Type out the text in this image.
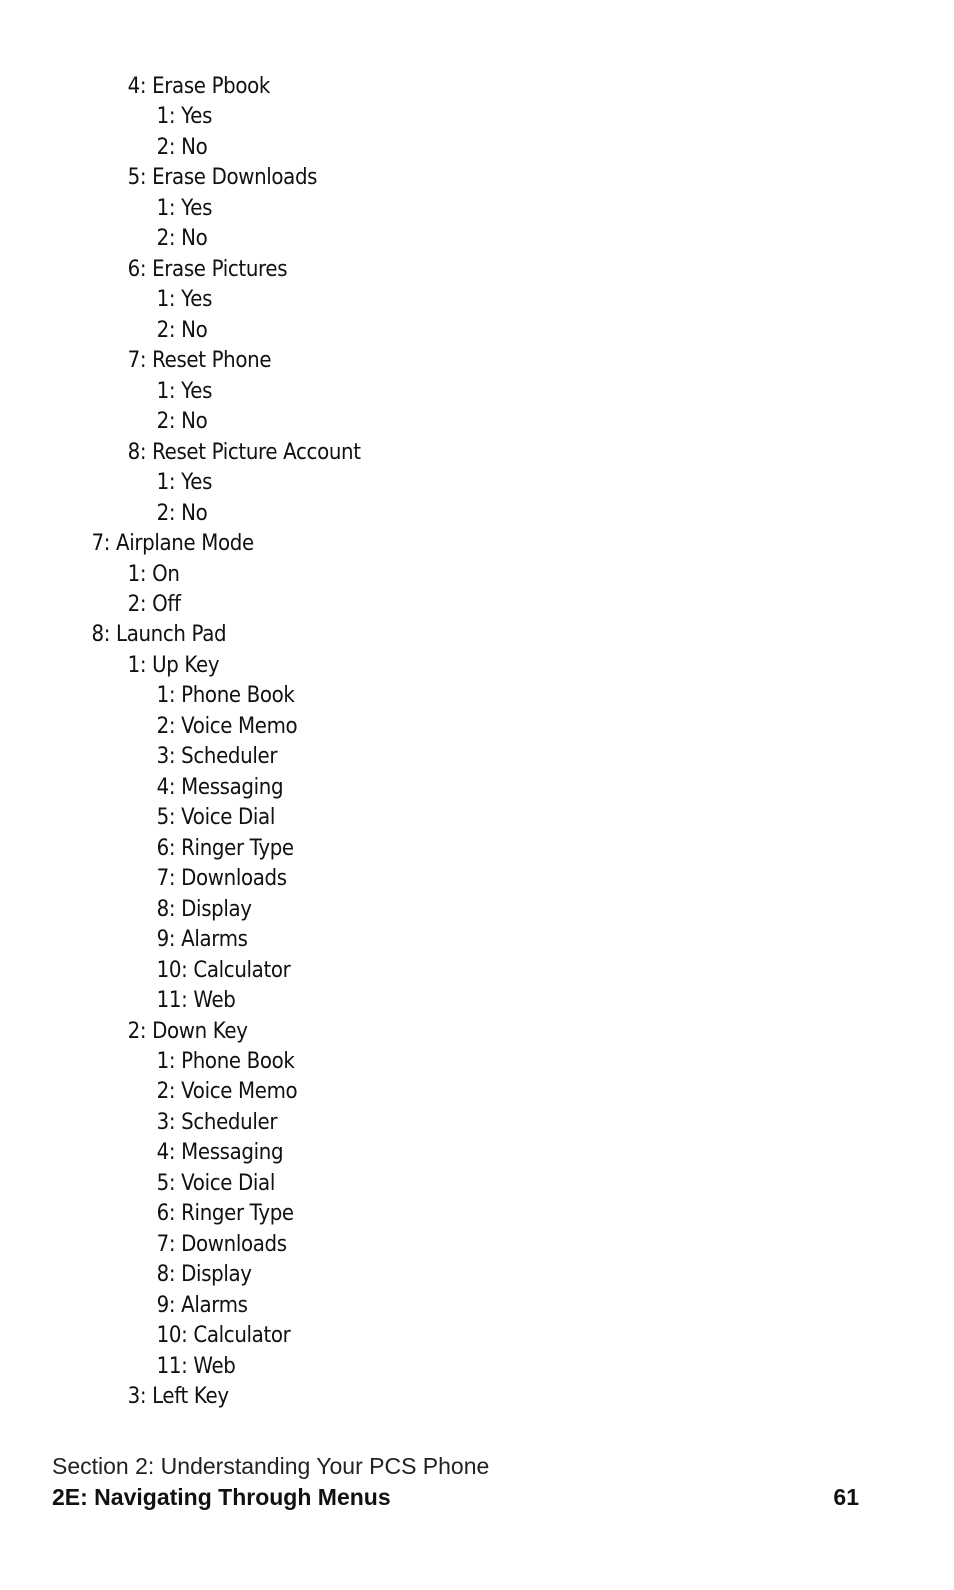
4: Erase Pbook
1: Yes
2: No
5: Erase Downloads
1: Yes
2: No
6: Erase Pictures
1: Yes
2: No
7: Reset Phone
1: Yes
2: No
8: Reset Picture Account
1: Yes
2: No
7: Airplane Mode
1: On
2: Off
8: Launch Pad
1: Up Key
1: Phone Book
2: Voice Memo
3: Scheduler
4: Messaging
5: Voice Dial
6: Ringer Type
7: Downloads
8: Display
9: Alarms
10: Calculator
11: Web
2: Down Key
1: Phone Book
2: Voice Memo
3: Scheduler
4: Messaging
5: Voice Dial
6: Ringer Type
7: Downloads
8: Display
9: Alarms
10: Calculator
11: Web
3: Left Key
Section 2: Understanding Your PCS Phone
2E: Navigating Through Menus	61
